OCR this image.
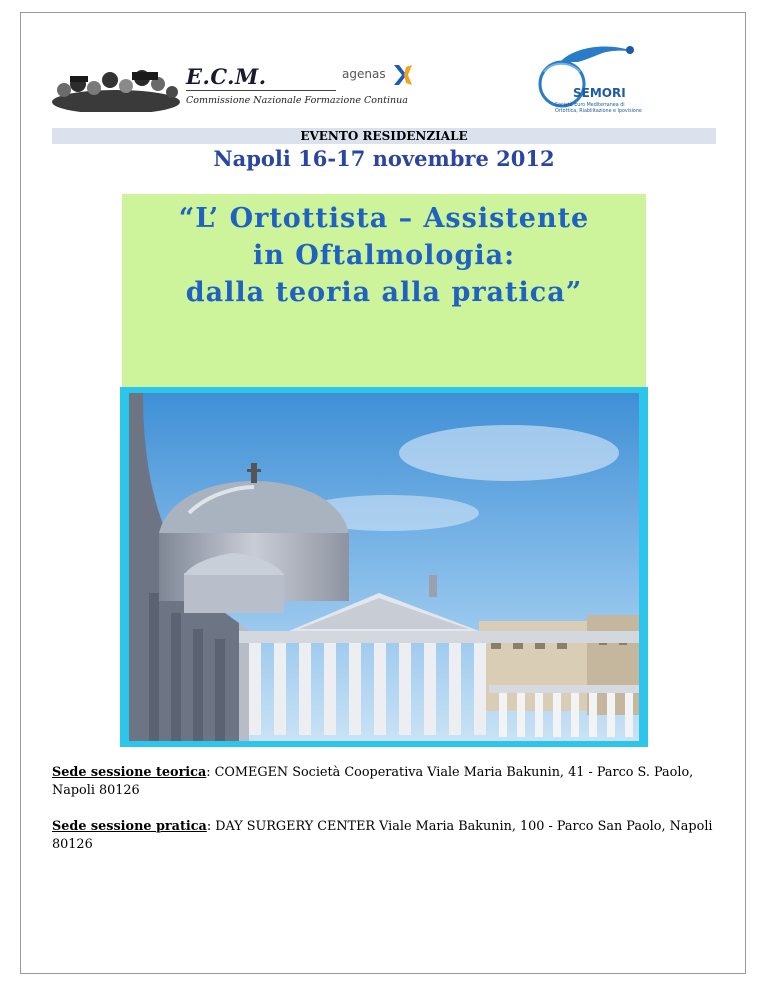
E.C.M.
Commissione Nazionale Formazione Continua
agenas
SEMORI
Società Euro Mediterranea di Ortottica, Riabilitazione e Ipovisione
EVENTO RESIDENZIALE
Napoli 16-17 novembre 2012
“L’ Ortottista – Assistente
in Oftalmologia:
dalla teoria alla pratica”
Sede sessione teorica: COMEGEN Società Cooperativa Viale Maria Bakunin, 41 - Parco S. Paolo, Napoli 80126
Sede sessione pratica: DAY SURGERY CENTER Viale Maria Bakunin, 100 - Parco San Paolo, Napoli 80126
